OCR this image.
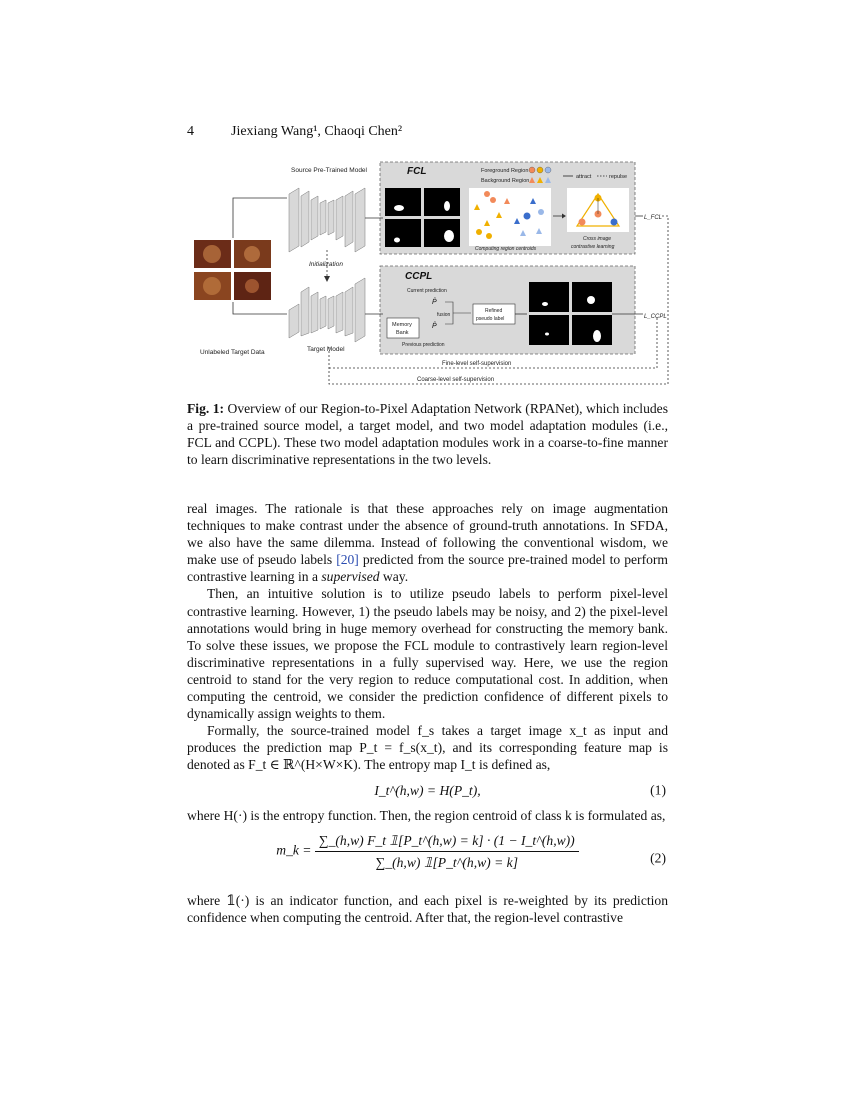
4	Jiexiang Wang¹, Chaoqi Chen²
Unlabeled Target Data
Source Pre-Trained Model
Initialization
Target Model
FCL	Foreground Region
Background Region
attract	repulse
Computing region centroids
Cross image
contrastive learning
L_FCL
CCPL
Current prediction
P̂
P̂
Memory
Bank
fusion
Previous prediction
Refined
pseudo label	L_CCPL
Fine-level self-supervision
Coarse-level self-supervision
Fig. 1: Overview of our Region-to-Pixel Adaptation Network (RPANet), which includes a pre-trained source model, a target model, and two model adaptation modules (i.e., FCL and CCPL). These two model adaptation modules work in a coarse-to-fine manner to learn discriminative representations in the two levels.

real images. The rationale is that these approaches rely on image augmentation techniques to make contrast under the absence of ground-truth annotations. In SFDA, we also have the same dilemma. Instead of following the conventional wisdom, we make use of pseudo labels [20] predicted from the source pre-trained model to perform contrastive learning in a supervised way.

Then, an intuitive solution is to utilize pseudo labels to perform pixel-level contrastive learning. However, 1) the pseudo labels may be noisy, and 2) the pixel-level annotations would bring in huge memory overhead for constructing the memory bank. To solve these issues, we propose the FCL module to contrastively learn region-level discriminative representations in a fully supervised way. Here, we use the region centroid to stand for the very region to reduce computational cost. In addition, when computing the centroid, we consider the prediction confidence of different pixels to dynamically assign weights to them.

Formally, the source-trained model f_s takes a target image x_t as input and produces the prediction map P_t = f_s(x_t), and its corresponding feature map is denoted as F_t ∈ ℝ^(H×W×K). The entropy map I_t is defined as,

I_t^(h,w) = H(P_t),	(1)

where H(·) is the entropy function. Then, the region centroid of class k is formulated as,

m_k = $\frac{\sum\_(h,w) F\_t 𝟙[P\_t\^{}(h,w) = k] \cdot (1 - I\_t\^{}(h,w))}{\sum\_(h,w) 𝟙[P\_t\^{}(h,w) = k]}$	(2)

where 𝟙(·) is an indicator function, and each pixel is re-weighted by its prediction confidence when computing the centroid. After that, the region-level contrastive
